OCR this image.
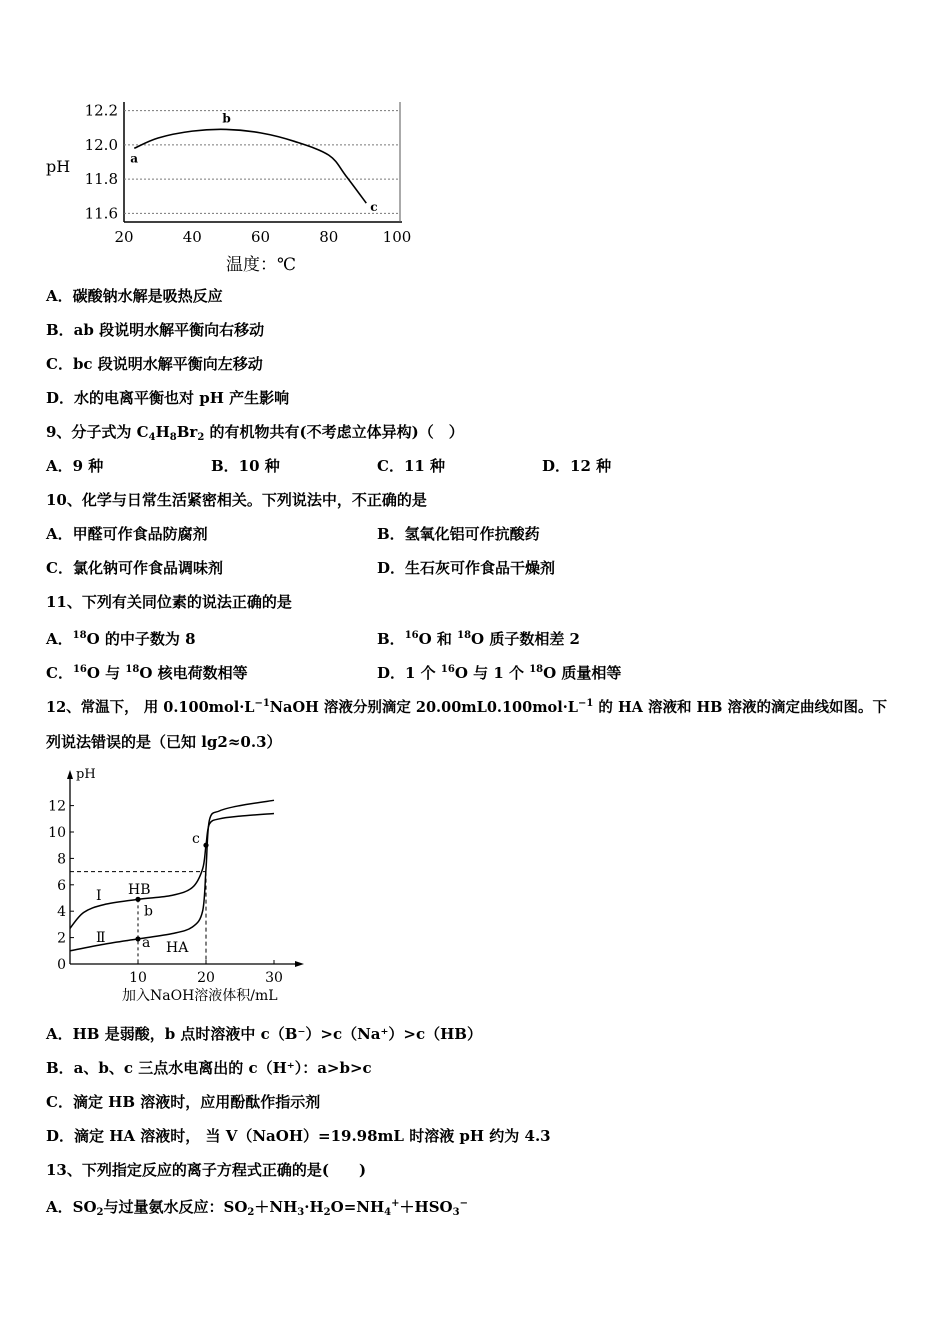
12.2
12.0
11.8
11.6
20	40	60	80	100
a
b
c
pH
温度：℃
A．碳酸钠水解是吸热反应
B．ab 段说明水解平衡向右移动
C．bc 段说明水解平衡向左移动
D．水的电离平衡也对 pH 产生影响
9、分子式为 $C_4H_8Br_2$ 的有机物共有(不考虑立体异构)（　）
A．9 种	B．10 种	C．11 种	D．12 种
10、化学与日常生活紧密相关。下列说法中，不正确的是
A．甲醛可作食品防腐剂	B．氢氧化铝可作抗酸药
C．氯化钠可作食品调味剂	D．生石灰可作食品干燥剂
11、下列有关同位素的说法正确的是
A．$^{18}$O 的中子数为 8	B．$^{16}$O 和 $^{18}$O 质子数相差 2
C．$^{16}$O 与 $^{18}$O 核电荷数相等	D．1 个 $^{16}$O 与 1 个 $^{18}$O 质量相等
12、常温下， 用 $0.100mol\cdot L^{-1}NaOH$ 溶液分别滴定 $20.00mL0.100mol\cdot L^{-1}$ 的 HA 溶液和 HB 溶液的滴定曲线如图。下
列说法错误的是（已知 lg2≈0.3）
0
2
4
6
8
10
12
10	20	30
a
b
c
pH
I HB
Ⅱ
HA
加入NaOH溶液体积/mL
A．HB 是弱酸，b 点时溶液中 c（B⁻）>c（Na⁺）>c（HB）
B．a、b、c 三点水电离出的 c（H⁺）：a>b>c
C．滴定 HB 溶液时，应用酚酞作指示剂
D．滴定 HA 溶液时， 当 V（NaOH）=19.98mL 时溶液 pH 约为 4.3
13、下列指定反应的离子方程式正确的是(　　)
A．$SO_2$与过量氨水反应：$SO_2+NH_3\cdot H_2O=NH_4^++HSO_3^-$
